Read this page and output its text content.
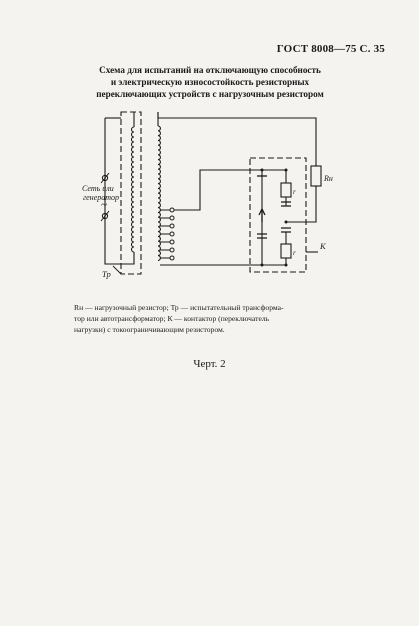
ГОСТ 8008—75 С. 35
Схема для испытаний на отключающую способность
и электрическую износостойкость резисторных
переключающих устройств с нагрузочным резистором
Сеть или
генератор
~
Тр
Rн
К
r
r
Rн — нагрузочный резистор; Тр — испытательный трансформа-
тор или автотрансформатор; К — контактор (переключатель
нагрузки) с токоограничивающим резистором.
Черт. 2
